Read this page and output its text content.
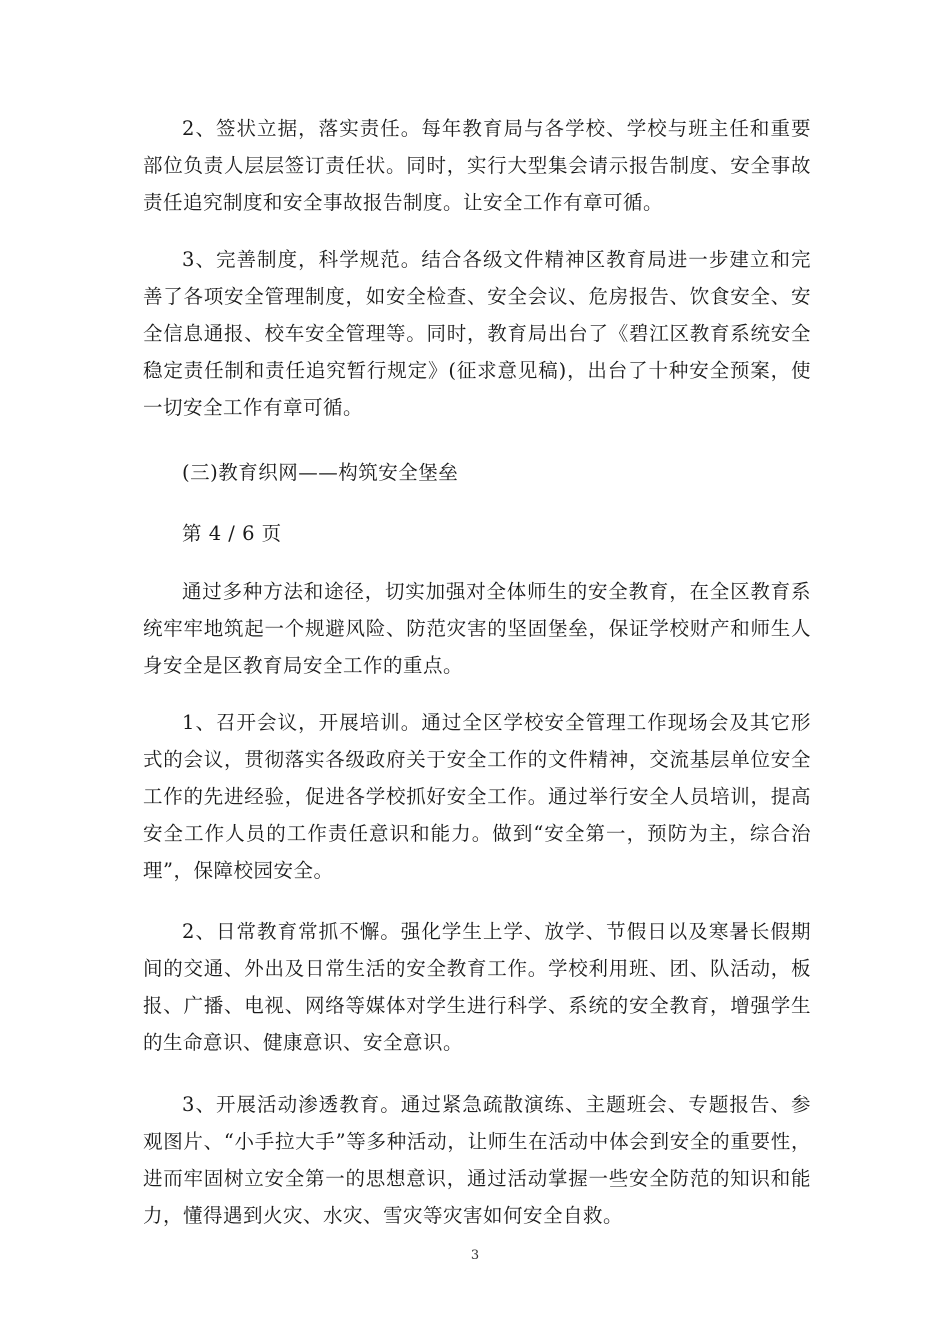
2、签状立据，落实责任。每年教育局与各学校、学校与班主任和重要部位负责人层层签订责任状。同时，实行大型集会请示报告制度、安全事故责任追究制度和安全事故报告制度。让安全工作有章可循。

3、完善制度，科学规范。结合各级文件精神区教育局进一步建立和完善了各项安全管理制度，如安全检查、安全会议、危房报告、饮食安全、安全信息通报、校车安全管理等。同时，教育局出台了《碧江区教育系统安全稳定责任制和责任追究暂行规定》(征求意见稿)，出台了十种安全预案，使一切安全工作有章可循。

(三)教育织网——构筑安全堡垒

第 4 / 6 页

通过多种方法和途径，切实加强对全体师生的安全教育，在全区教育系统牢牢地筑起一个规避风险、防范灾害的坚固堡垒，保证学校财产和师生人身安全是区教育局安全工作的重点。

1、召开会议，开展培训。通过全区学校安全管理工作现场会及其它形式的会议，贯彻落实各级政府关于安全工作的文件精神，交流基层单位安全工作的先进经验，促进各学校抓好安全工作。通过举行安全人员培训，提高安全工作人员的工作责任意识和能力。做到“安全第一，预防为主，综合治理”，保障校园安全。

2、日常教育常抓不懈。强化学生上学、放学、节假日以及寒暑长假期间的交通、外出及日常生活的安全教育工作。学校利用班、团、队活动，板报、广播、电视、网络等媒体对学生进行科学、系统的安全教育，增强学生的生命意识、健康意识、安全意识。

3、开展活动渗透教育。通过紧急疏散演练、主题班会、专题报告、参观图片、“小手拉大手”等多种活动，让师生在活动中体会到安全的重要性，进而牢固树立安全第一的思想意识，通过活动掌握一些安全防范的知识和能力，懂得遇到火灾、水灾、雪灾等灾害如何安全自救。

3
